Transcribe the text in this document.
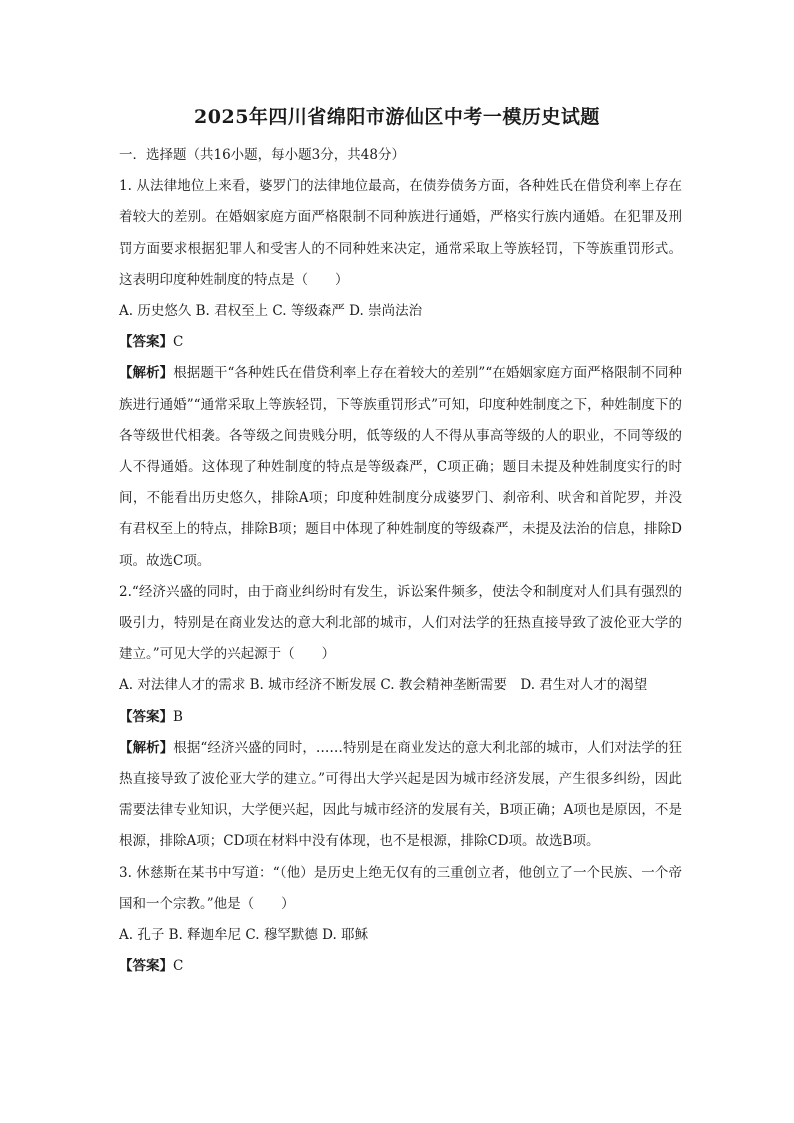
2025年四川省绵阳市游仙区中考一模历史试题

一．选择题（共16小题，每小题3分，共48分）

1. 从法律地位上来看，婆罗门的法律地位最高，在债券债务方面，各种姓氏在借贷利率上存在着较大的差别。在婚姻家庭方面严格限制不同种族进行通婚，严格实行族内通婚。在犯罪及刑罚方面要求根据犯罪人和受害人的不同种姓来决定，通常采取上等族轻罚，下等族重罚形式。这表明印度种姓制度的特点是（　　）

A. 历史悠久 B. 君权至上 C. 等级森严 D. 崇尚法治

【答案】C

【解析】根据题干“各种姓氏在借贷利率上存在着较大的差别”“在婚姻家庭方面严格限制不同种族进行通婚”“通常采取上等族轻罚，下等族重罚形式”可知，印度种姓制度之下，种姓制度下的各等级世代相袭。各等级之间贵贱分明，低等级的人不得从事高等级的人的职业，不同等级的人不得通婚。这体现了种姓制度的特点是等级森严，C项正确；题目未提及种姓制度实行的时间，不能看出历史悠久，排除A项；印度种姓制度分成婆罗门、刹帝利、吠舍和首陀罗，并没有君权至上的特点，排除B项；题目中体现了种姓制度的等级森严，未提及法治的信息，排除D项。故选C项。

2.“经济兴盛的同时，由于商业纠纷时有发生，诉讼案件频多，使法令和制度对人们具有强烈的吸引力，特别是在商业发达的意大利北部的城市，人们对法学的狂热直接导致了波伦亚大学的建立。”可见大学的兴起源于（　　）

A. 对法律人才的需求 B. 城市经济不断发展 C. 教会精神垄断需要　D. 君生对人才的渴望

【答案】B

【解析】根据“经济兴盛的同时，……特别是在商业发达的意大利北部的城市，人们对法学的狂热直接导致了波伦亚大学的建立。”可得出大学兴起是因为城市经济发展，产生很多纠纷，因此需要法律专业知识，大学便兴起，因此与城市经济的发展有关，B项正确；A项也是原因，不是根源，排除A项；CD项在材料中没有体现，也不是根源，排除CD项。故选B项。

3. 休慈斯在某书中写道：“（他）是历史上绝无仅有的三重创立者，他创立了一个民族、一个帝国和一个宗教。”他是（　　）

A. 孔子 B. 释迦牟尼 C. 穆罕默德 D. 耶稣

【答案】C
